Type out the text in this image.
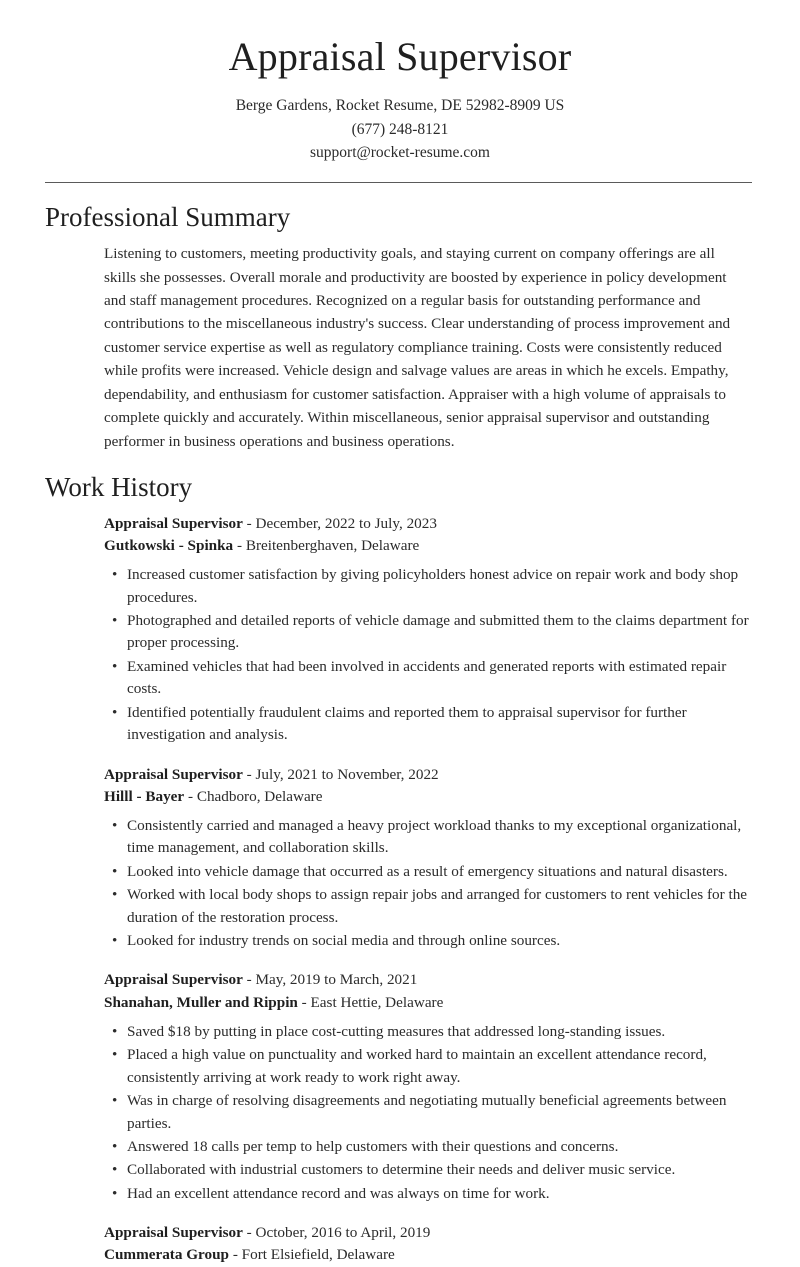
Appraisal Supervisor
Berge Gardens, Rocket Resume, DE 52982-8909 US
(677) 248-8121
support@rocket-resume.com
Professional Summary

Listening to customers, meeting productivity goals, and staying current on company offerings are all skills she possesses. Overall morale and productivity are boosted by experience in policy development and staff management procedures. Recognized on a regular basis for outstanding performance and contributions to the miscellaneous industry's success. Clear understanding of process improvement and customer service expertise as well as regulatory compliance training. Costs were consistently reduced while profits were increased. Vehicle design and salvage values are areas in which he excels. Empathy, dependability, and enthusiasm for customer satisfaction. Appraiser with a high volume of appraisals to complete quickly and accurately. Within miscellaneous, senior appraisal supervisor and outstanding performer in business operations and business operations.

Work History
Appraisal Supervisor - December, 2022 to July, 2023
Gutkowski - Spinka - Breitenberghaven, Delaware
• Increased customer satisfaction by giving policyholders honest advice on repair work and body shop procedures.
• Photographed and detailed reports of vehicle damage and submitted them to the claims department for proper processing.
• Examined vehicles that had been involved in accidents and generated reports with estimated repair costs.
• Identified potentially fraudulent claims and reported them to appraisal supervisor for further investigation and analysis.
Appraisal Supervisor - July, 2021 to November, 2022
Hilll - Bayer - Chadboro, Delaware
• Consistently carried and managed a heavy project workload thanks to my exceptional organizational, time management, and collaboration skills.
• Looked into vehicle damage that occurred as a result of emergency situations and natural disasters.
• Worked with local body shops to assign repair jobs and arranged for customers to rent vehicles for the duration of the restoration process.
• Looked for industry trends on social media and through online sources.
Appraisal Supervisor - May, 2019 to March, 2021
Shanahan, Muller and Rippin - East Hettie, Delaware
• Saved $18 by putting in place cost-cutting measures that addressed long-standing issues.
• Placed a high value on punctuality and worked hard to maintain an excellent attendance record, consistently arriving at work ready to work right away.
• Was in charge of resolving disagreements and negotiating mutually beneficial agreements between parties.
• Answered 18 calls per temp to help customers with their questions and concerns.
• Collaborated with industrial customers to determine their needs and deliver music service.
• Had an excellent attendance record and was always on time for work.
Appraisal Supervisor - October, 2016 to April, 2019
Cummerata Group - Fort Elsiefield, Delaware
